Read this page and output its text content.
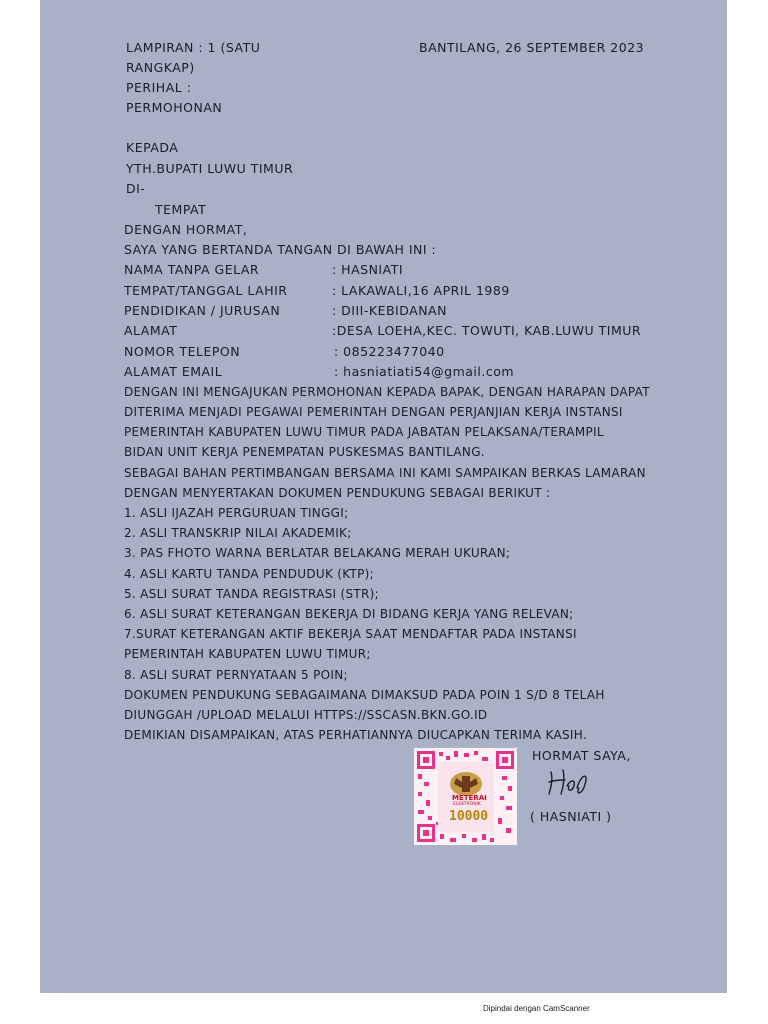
LAMPIRAN : 1 (SATU
RANGKAP)
PERIHAL :
PERMOHONAN
BANTILANG, 26 SEPTEMBER 2023
KEPADA
YTH.BUPATI LUWU TIMUR
DI-
TEMPAT
DENGAN HORMAT,
SAYA YANG BERTANDA TANGAN DI BAWAH INI :
NAMA TANPA GELAR	: HASNIATI
TEMPAT/TANGGAL LAHIR	: LAKAWALI,16 APRIL 1989
PENDIDIKAN / JURUSAN	: DIII-KEBIDANAN
ALAMAT	:DESA LOEHA,KEC. TOWUTI, KAB.LUWU TIMUR
NOMOR TELEPON	: 085223477040
ALAMAT EMAIL	: hasniatiati54@gmail.com
DENGAN INI MENGAJUKAN PERMOHONAN KEPADA BAPAK, DENGAN HARAPAN DAPAT
DITERIMA MENJADI PEGAWAI PEMERINTAH DENGAN PERJANJIAN KERJA INSTANSI
PEMERINTAH KABUPATEN LUWU TIMUR PADA JABATAN PELAKSANA/TERAMPIL
BIDAN UNIT KERJA PENEMPATAN PUSKESMAS BANTILANG.
SEBAGAI BAHAN PERTIMBANGAN BERSAMA INI KAMI SAMPAIKAN BERKAS LAMARAN
DENGAN MENYERTAKAN DOKUMEN PENDUKUNG SEBAGAI BERIKUT :
1. ASLI IJAZAH PERGURUAN TINGGI;
2. ASLI TRANSKRIP NILAI AKADEMIK;
3. PAS FHOTO WARNA BERLATAR BELAKANG MERAH UKURAN;
4. ASLI KARTU TANDA PENDUDUK (KTP);
5. ASLI SURAT TANDA REGISTRASI (STR);
6. ASLI SURAT KETERANGAN BEKERJA DI BIDANG KERJA YANG RELEVAN;
7.SURAT KETERANGAN AKTIF BEKERJA SAAT MENDAFTAR PADA INSTANSI
PEMERINTAH KABUPATEN LUWU TIMUR;
8. ASLI SURAT PERNYATAAN 5 POIN;
DOKUMEN PENDUKUNG SEBAGAIMANA DIMAKSUD PADA POIN 1 S/D 8 TELAH
DIUNGGAH /UPLOAD MELALUI HTTPS://SSCASN.BKN.GO.ID
DEMIKIAN DISAMPAIKAN, ATAS PERHATIANNYA DIUCAPKAN TERIMA KASIH.
HORMAT SAYA,
( HASNIATI )
METERAI
ELEKTRONIK
10000
Dipindai dengan CamScanner
